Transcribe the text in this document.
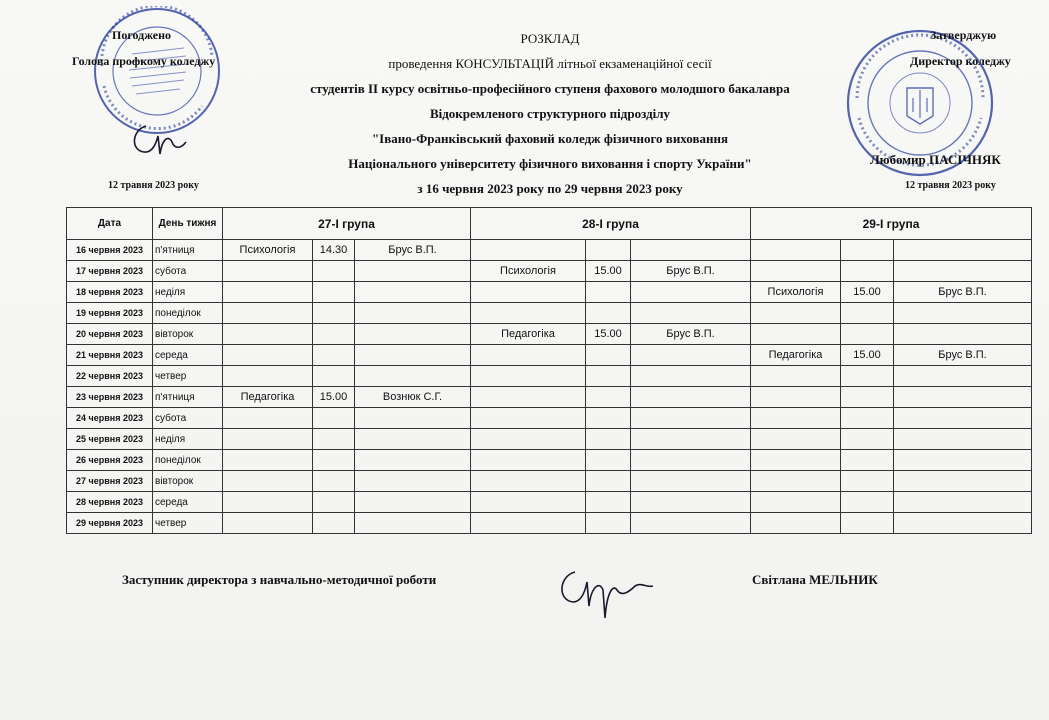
Погоджено
Голова профкому коледжу
12 травня 2023 року

РОЗКЛАД

проведення КОНСУЛЬТАЦІЙ літньої екзаменаційної сесії

студентів ІІ курсу освітньо-професійного ступеня фахового молодшого бакалавра

Відокремленого структурного підрозділу

"Івано-Франківський фаховий коледж фізичного виховання

Національного університету фізичного виховання і спорту України"

з 16 червня 2023 року по 29 червня 2023 року

Затверджую
Директор коледжу
Любомир ПАСІЧНЯК
12 травня 2023 року
Дата	День тижня	27-І група			28-І група			29-І група		
16 червня 2023	п'ятниця	Психологія	14.30	Брус В.П.						
17 червня 2023	субота				Психологія	15.00	Брус В.П.			
18 червня 2023	неділя							Психологія	15.00	Брус В.П.
19 червня 2023	понеділок									
20 червня 2023	вівторок				Педагогіка	15.00	Брус В.П.			
21 червня 2023	середа							Педагогіка	15.00	Брус В.П.
22 червня 2023	четвер									
23 червня 2023	п'ятниця	Педагогіка	15.00	Вознюк С.Г.						
24 червня 2023	субота									
25 червня 2023	неділя									
26 червня 2023	понеділок									
27 червня 2023	вівторок									
28 червня 2023	середа									
29 червня 2023	четвер									
Заступник директора з навчально-методичної роботи	Світлана МЕЛЬНИК
